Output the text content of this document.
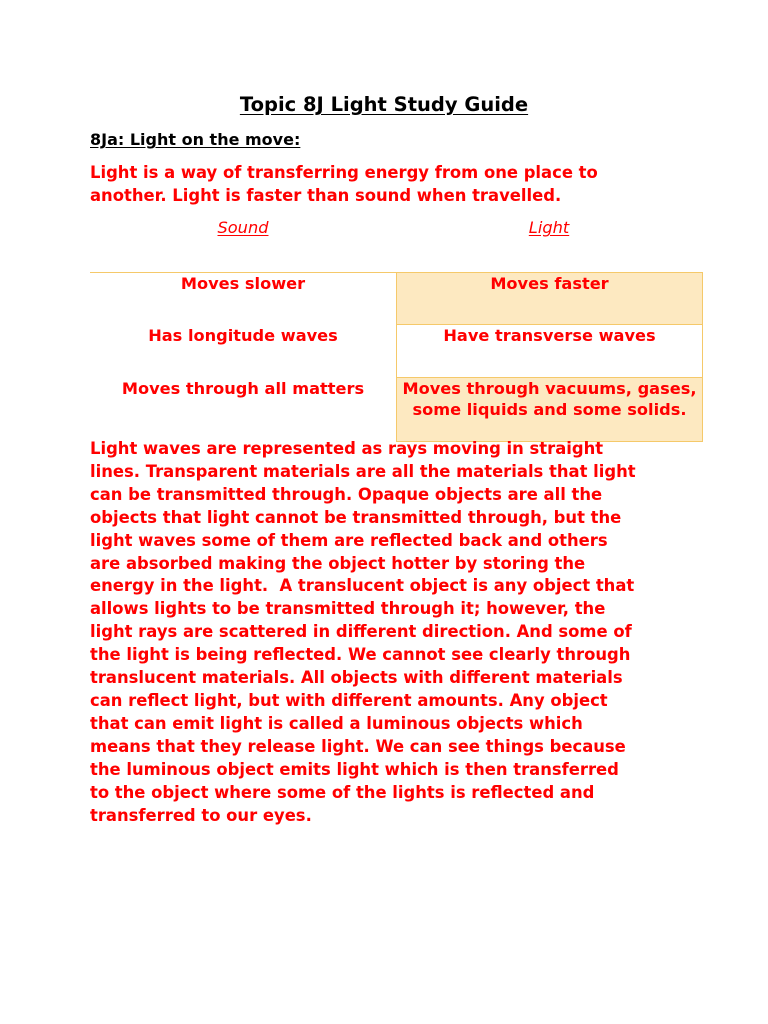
Topic 8J Light Study Guide
8Ja: Light on the move:
Light is a way of transferring energy from one place to
another. Light is faster than sound when travelled.
Sound	Light
Moves slower	Moves faster
Has longitude waves	Have transverse waves
Moves through all matters	Moves through vacuums, gases, some liquids and some solids.
Light waves are represented as rays moving in straight
lines. Transparent materials are all the materials that light
can be transmitted through. Opaque objects are all the
objects that light cannot be transmitted through, but the
light waves some of them are reflected back and others
are absorbed making the object hotter by storing the
energy in the light.  A translucent object is any object that
allows lights to be transmitted through it; however, the
light rays are scattered in different direction. And some of
the light is being reflected. We cannot see clearly through
translucent materials. All objects with different materials
can reflect light, but with different amounts. Any object
that can emit light is called a luminous objects which
means that they release light. We can see things because
the luminous object emits light which is then transferred
to the object where some of the lights is reflected and
transferred to our eyes.
